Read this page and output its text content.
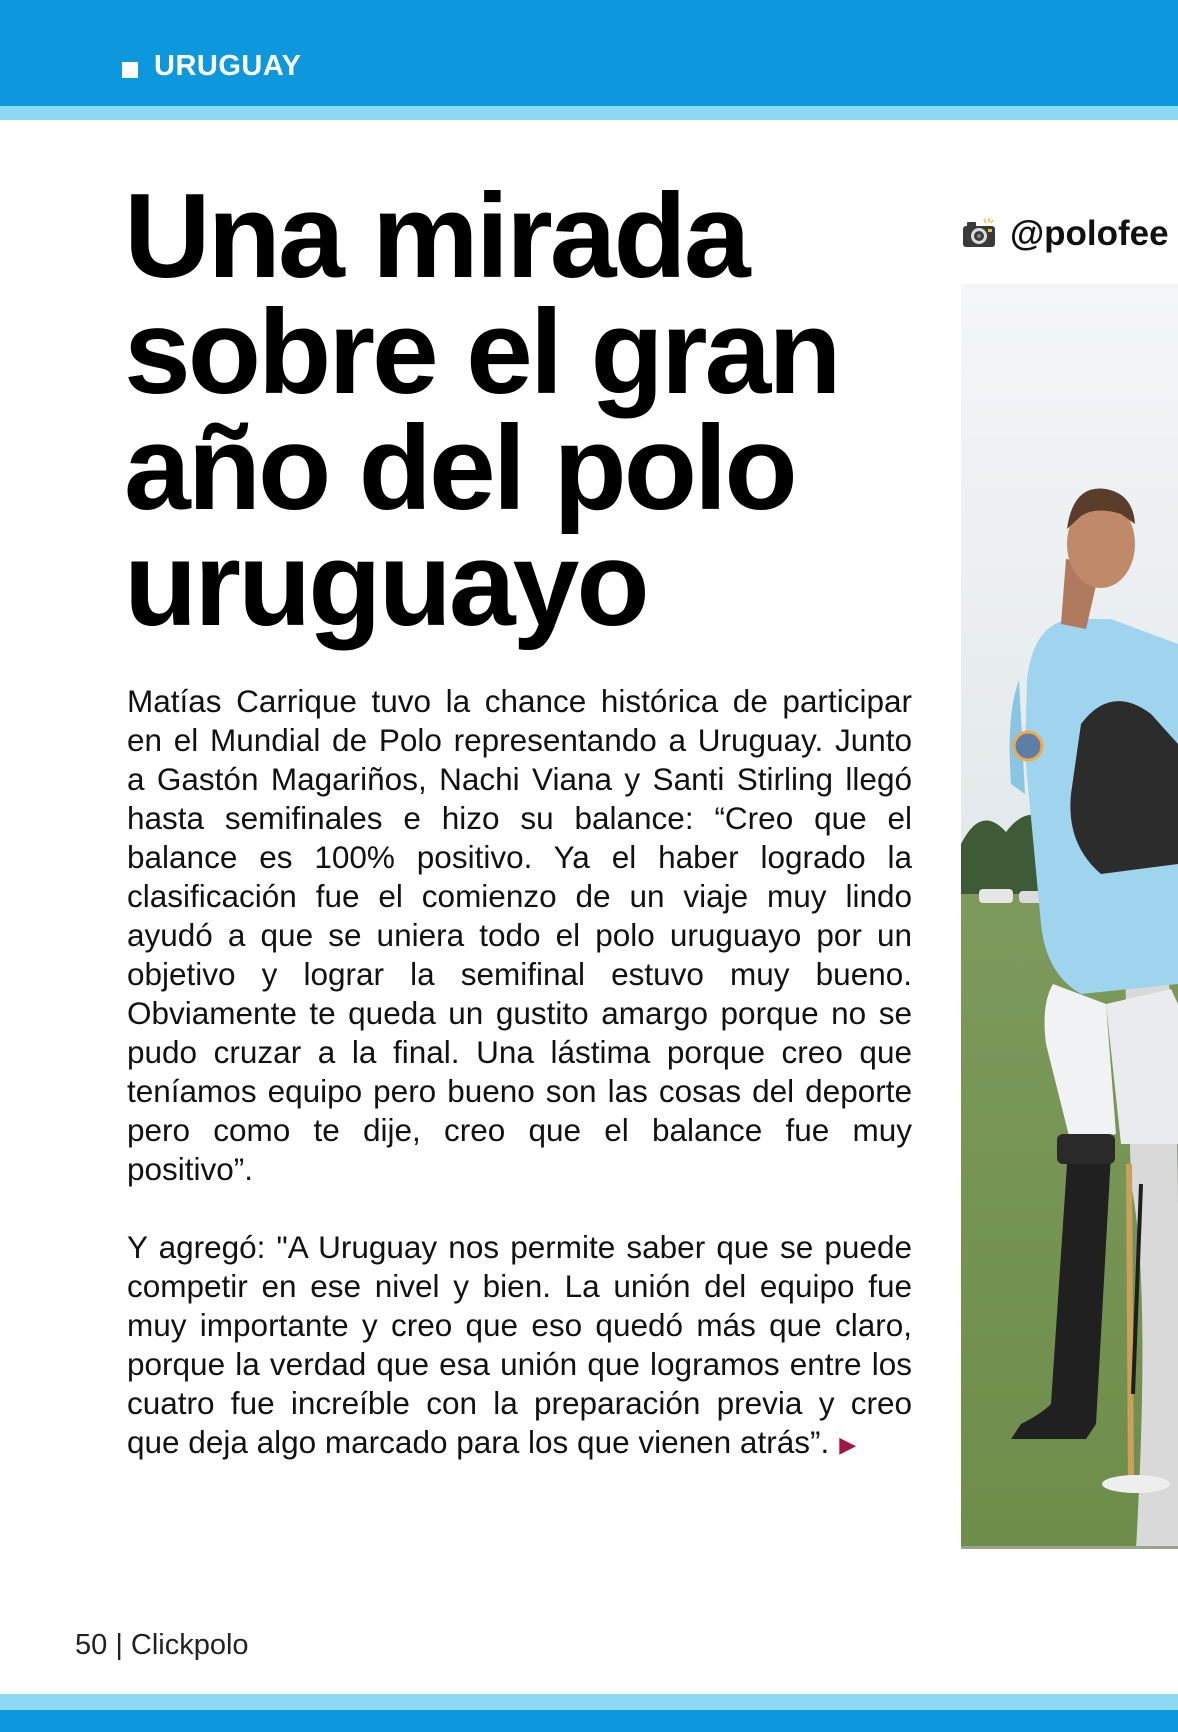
URUGUAY
Una mirada sobre el gran año del polo uruguayo

Matías Carrique tuvo la chance histórica de participar en el Mundial de Polo representando a Uruguay. Junto a Gastón Magariños, Nachi Viana y Santi Stirling llegó hasta semifinales e hizo su balance: “Creo que el balance es 100% positivo. Ya el haber logrado la clasificación fue el comienzo de un viaje muy lindo ayudó a que se uniera todo el polo uruguayo por un objetivo y lograr la semifinal estuvo muy bueno. Obviamente te queda un gustito amargo porque no se pudo cruzar a la final. Una lástima porque creo que teníamos equipo pero bueno son las cosas del deporte pero como te dije, creo que el balance fue muy positivo”.

Y agregó: "A Uruguay nos permite saber que se puede competir en ese nivel y bien. La unión del equipo fue muy importante y creo que eso quedó más que claro, porque la verdad que esa unión que logramos entre los cuatro fue increíble con la preparación previa y creo que deja algo marcado para los que vienen atrás”. ▶

@polofee
50 | Clickpolo
